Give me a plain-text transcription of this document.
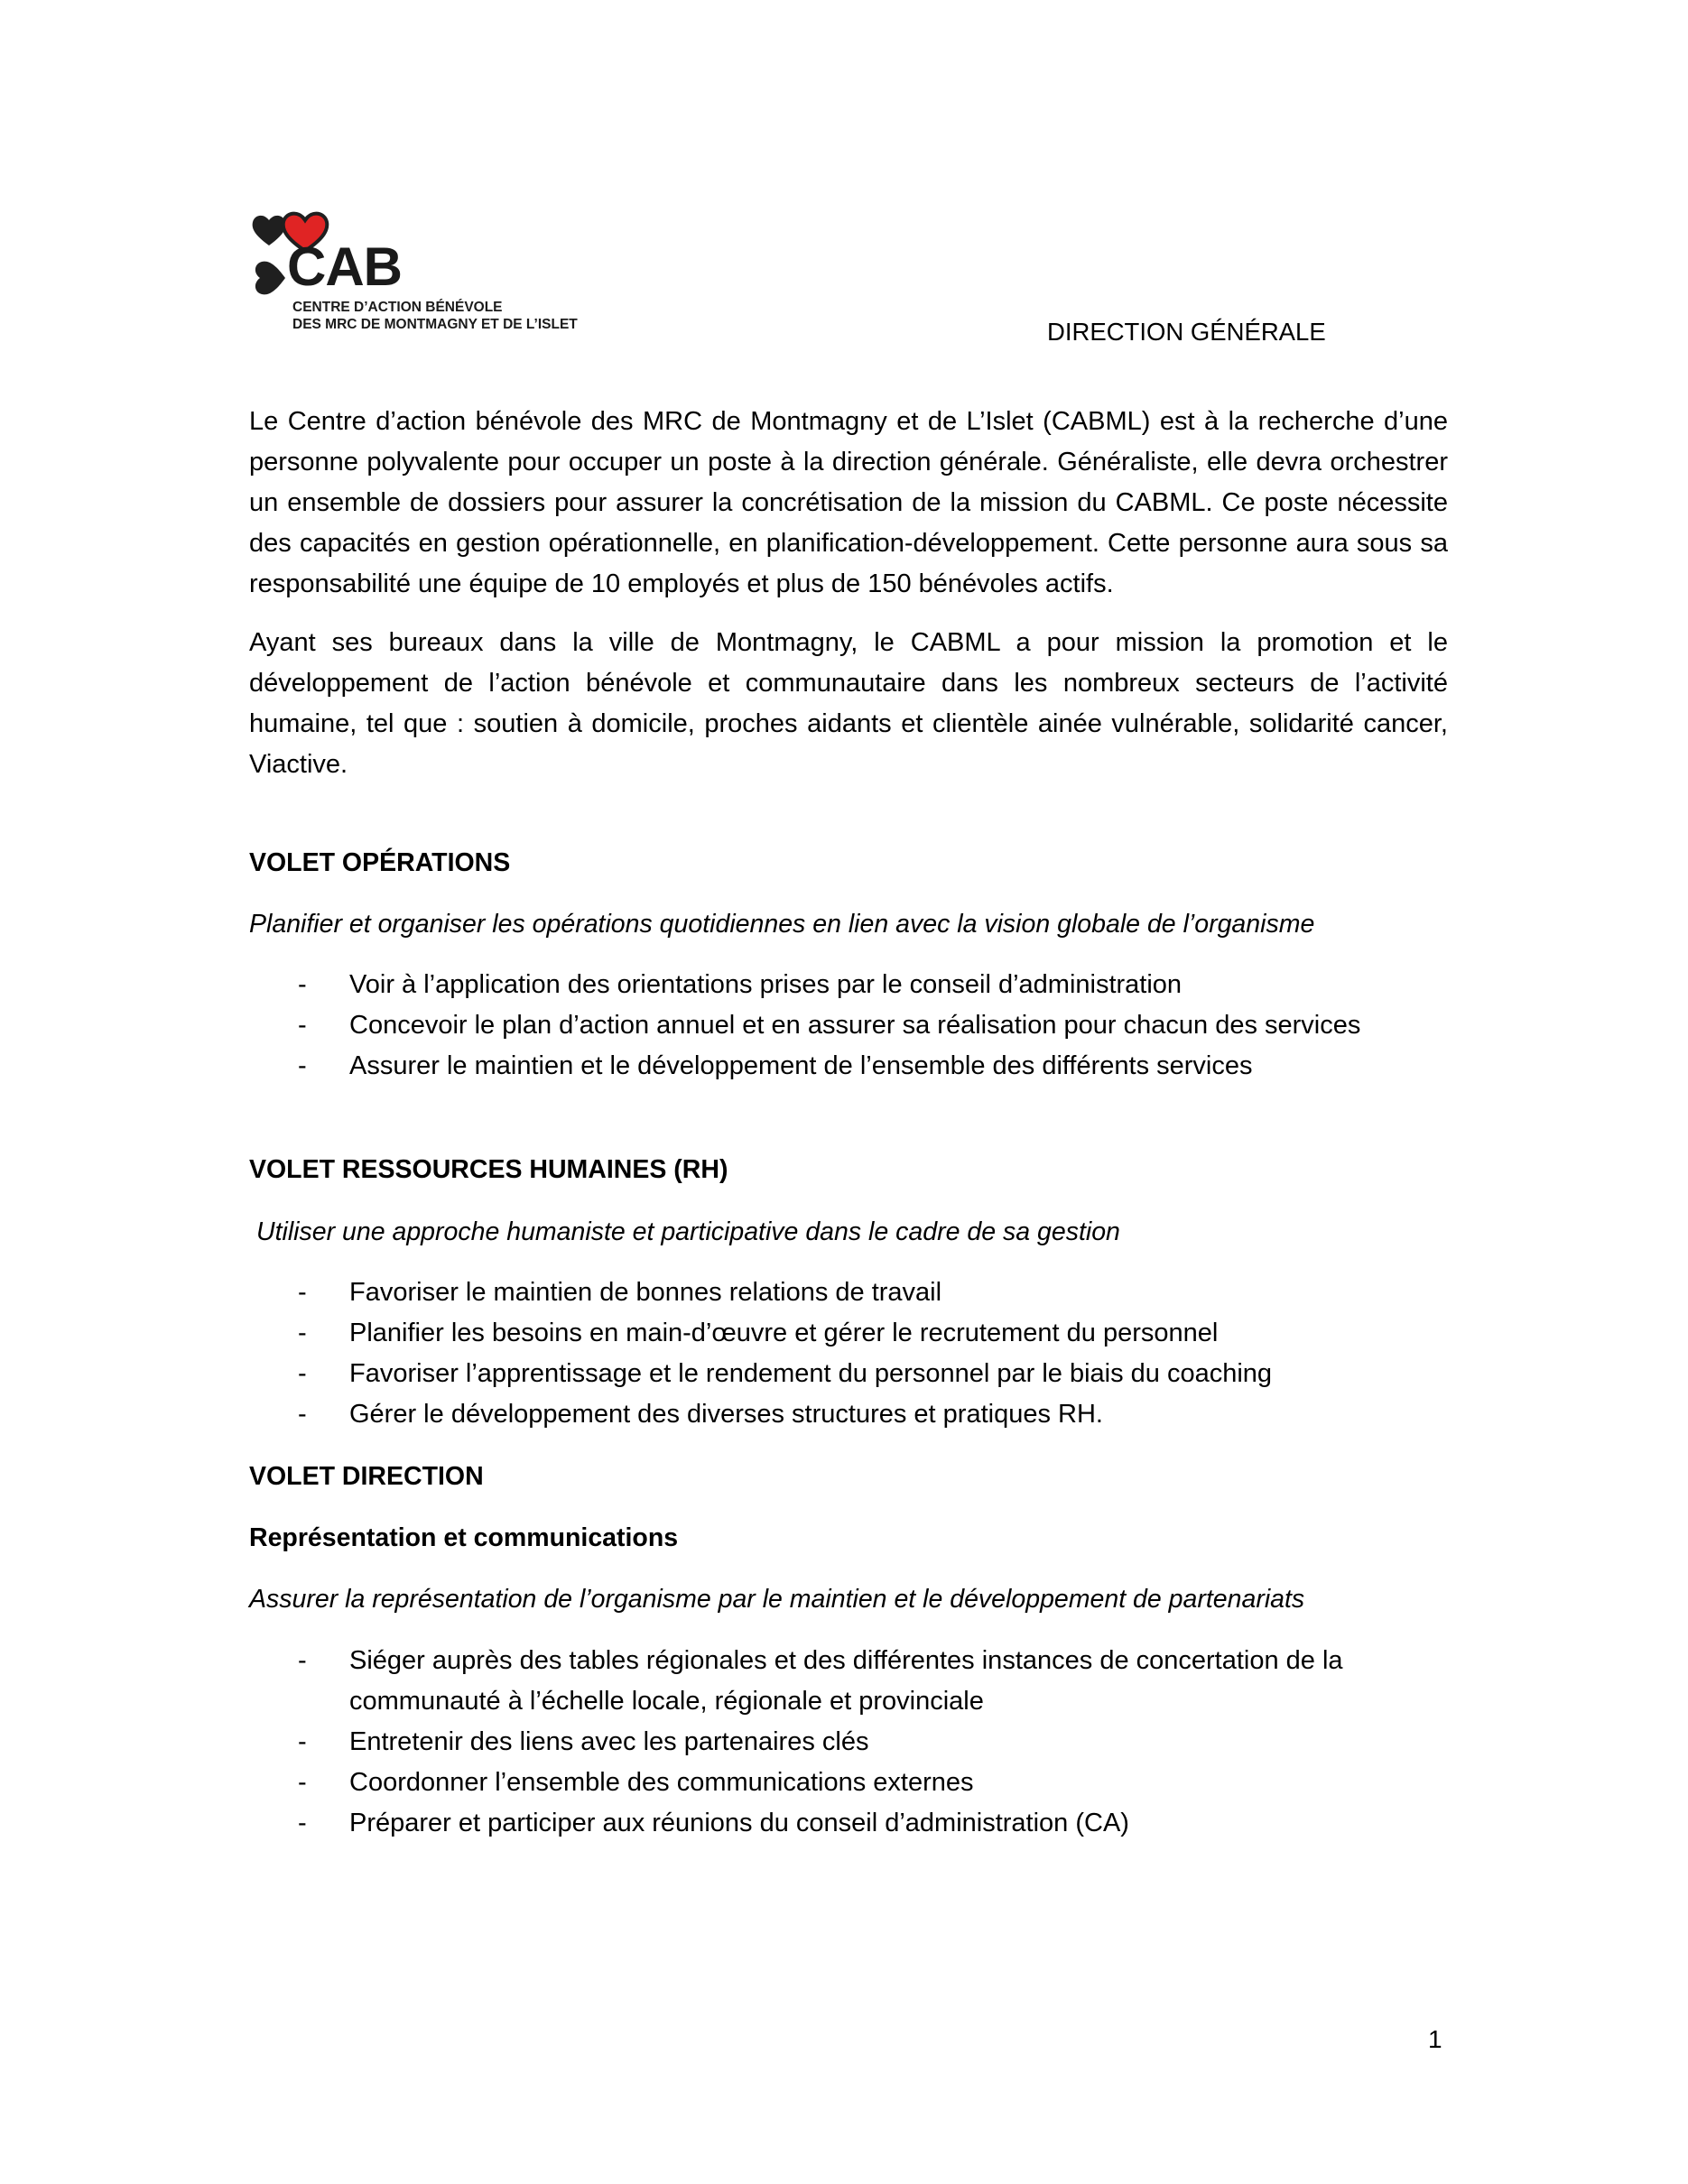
CAB
CENTRE D’ACTION BÉNÉVOLE
DES MRC DE MONTMAGNY ET DE L’ISLET	DIRECTION GÉNÉRALE

Le Centre d’action bénévole des MRC de Montmagny et de L’Islet (CABML) est à la recherche d’une personne polyvalente pour occuper un poste à la direction générale. Généraliste, elle devra orchestrer un ensemble de dossiers pour assurer la concrétisation de la mission du CABML. Ce poste nécessite des capacités en gestion opérationnelle, en planification-développement. Cette personne aura sous sa responsabilité une équipe de 10 employés et plus de 150 bénévoles actifs.

Ayant ses bureaux dans la ville de Montmagny, le CABML a pour mission la promotion et le développement de l’action bénévole et communautaire dans les nombreux secteurs de l’activité humaine, tel que : soutien à domicile, proches aidants et clientèle ainée vulnérable, solidarité cancer, Viactive.

VOLET OPÉRATIONS
Planifier et organiser les opérations quotidiennes en lien avec la vision globale de l’organisme
-	Voir à l’application des orientations prises par le conseil d’administration
-	Concevoir le plan d’action annuel et en assurer sa réalisation pour chacun des services
-	Assurer le maintien et le développement de l’ensemble des différents services
VOLET RESSOURCES HUMAINES (RH)
Utiliser une approche humaniste et participative dans le cadre de sa gestion
-	Favoriser le maintien de bonnes relations de travail
-	Planifier les besoins en main-d’œuvre et gérer le recrutement du personnel
-	Favoriser l’apprentissage et le rendement du personnel par le biais du coaching
-	Gérer le développement des diverses structures et pratiques RH.
VOLET DIRECTION
Représentation et communications
Assurer la représentation de l’organisme par le maintien et le développement de partenariats
-	Siéger auprès des tables régionales et des différentes instances de concertation de la communauté à l’échelle locale, régionale et provinciale
-	Entretenir des liens avec les partenaires clés
-	Coordonner l’ensemble des communications externes
-	Préparer et participer aux réunions du conseil d’administration (CA)
1
